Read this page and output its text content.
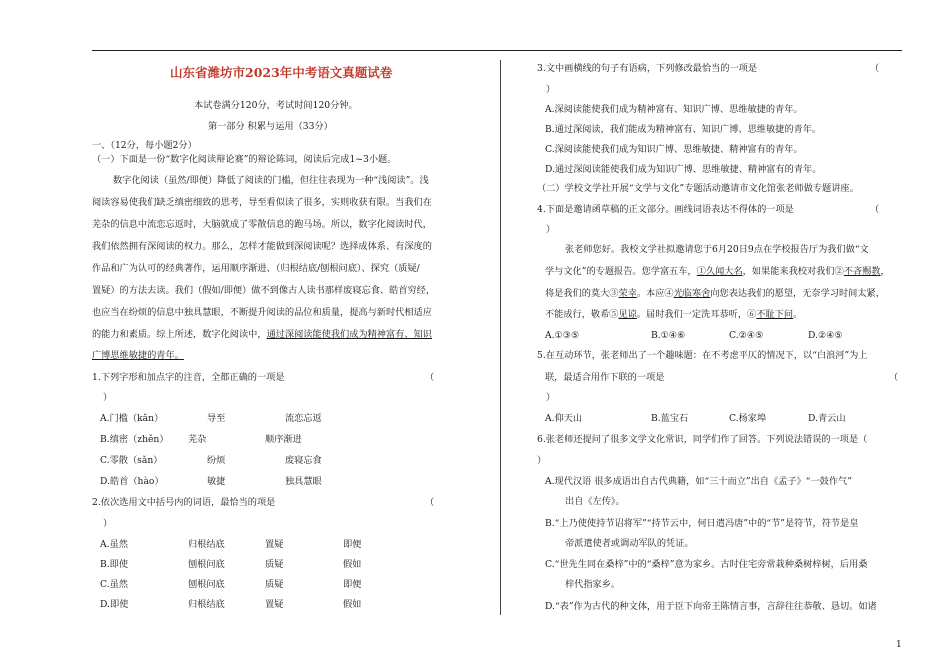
山东省潍坊市2023年中考语文真题试卷
本试卷满分120分，考试时间120分钟。
第一部分 积累与运用（33分）
一、（12分，每小题2分）
（一）下面是一份“数字化阅读辩论赛”的辩论陈词，阅读后完成1~3小题。
数字化阅读（虽然/即便）降低了阅读的门槛，但往往表现为一种“浅阅读”。浅
阅读容易使我们缺乏缜密细致的思考，导至看似读了很多，实则收获有限。当我们在
芜杂的信息中流恋忘返时，大脑就成了零散信息的跑马场。所以，数字化阅读时代，
我们依然拥有深阅读的权力。那么，怎样才能做到深阅读呢？选择成体系、有深度的
作品和广为认可的经典著作，运用顺序渐进、（归根结底/刨根问底）、探究（质疑/
置疑）的方法去读。我们（假如/即便）做不到像古人读书那样废寝忘食、皓首穷经，
也应当在纷烦的信息中独具慧眼，不断提升阅读的品位和质量，提高与新时代相适应
的能力和素质。综上所述，数字化阅读中，通过深阅读能使我们成为精神富有、知识
广博思维敏捷的青年。
1.下列字形和加点字的注音，全都正确的一项是	（
）
A.门槛（kǎn）	导至	流恋忘返
B.缜密（zhěn） 芜杂	顺序渐进
C.零散（sǎn）	纷烦	废寝忘食
D.皓首（hào）	敏捷	独具慧眼
2.依次选用文中括号内的词语，最恰当的项是	（
）
A.虽然	归根结底	置疑	即便
B.即使	刨根问底	质疑	假如
C.虽然	刨根问底	质疑	即便
D.即使	归根结底	置疑	假如
3.文中画横线的句子有语病，下列修改最恰当的一项是	（
）
A.深阅读能使我们成为精神富有、知识广博、思维敏捷的青年。
B.通过深阅读，我们能成为精神富有、知识广博、思维敏捷的青年。
C.深阅读能使我们成为知识广博、思维敏捷、精神富有的青年。
D.通过深阅读能使我们成为知识广博、思维敏捷、精神富有的青年。
（二）学校文学社开展“文学与文化”专题活动邀请市文化馆张老师做专题讲座。
4.下面是邀请函草稿的正文部分。画线词语表达不得体的一项是	（
）
张老师您好。我校文学社拟邀请您于6月20日9点在学校报告厅为我们做“文
学与文化”的专题报告。您学富五车，①久闻大名，如果能来我校对我们②不吝赐教，
将是我们的莫大③荣幸。本应④光临寒舍向您表达我们的愿望，无奈学习时间太紧，
不能成行，敬希⑤见谅。届时我们一定洗耳恭听，⑥不耻下问。
A.①③⑤	B.①④⑥	C.②④⑤	D.②④⑤
5.在互动环节，张老师出了一个趣味题：在不考虑平仄的情况下，以“白浪河”为上
联，最适合用作下联的一项是	（
）
A.仰天山	B.蓝宝石	C.杨家埠	D.青云山
6.张老师还提问了很多文学文化常识，同学们作了回答。下列说法错误的一项是（
）
A.现代汉语 很多成语出自古代典籍，如“三十而立”出自《孟子》“一鼓作气”
出自《左传》。
B.“上乃使使持节诏将军”“持节云中，何日遣冯唐”中的“节”是符节，符节是皇
帝派遣使者或调动军队的凭证。
C.“世先生同在桑梓”中的“桑梓”意为家乡。古时住宅旁常栽种桑树梓树，后用桑
梓代指家乡。
D.“表”作为古代的种文体，用于臣下向帝王陈情言事，言辞往往恭敬、恳切。如诸
1
